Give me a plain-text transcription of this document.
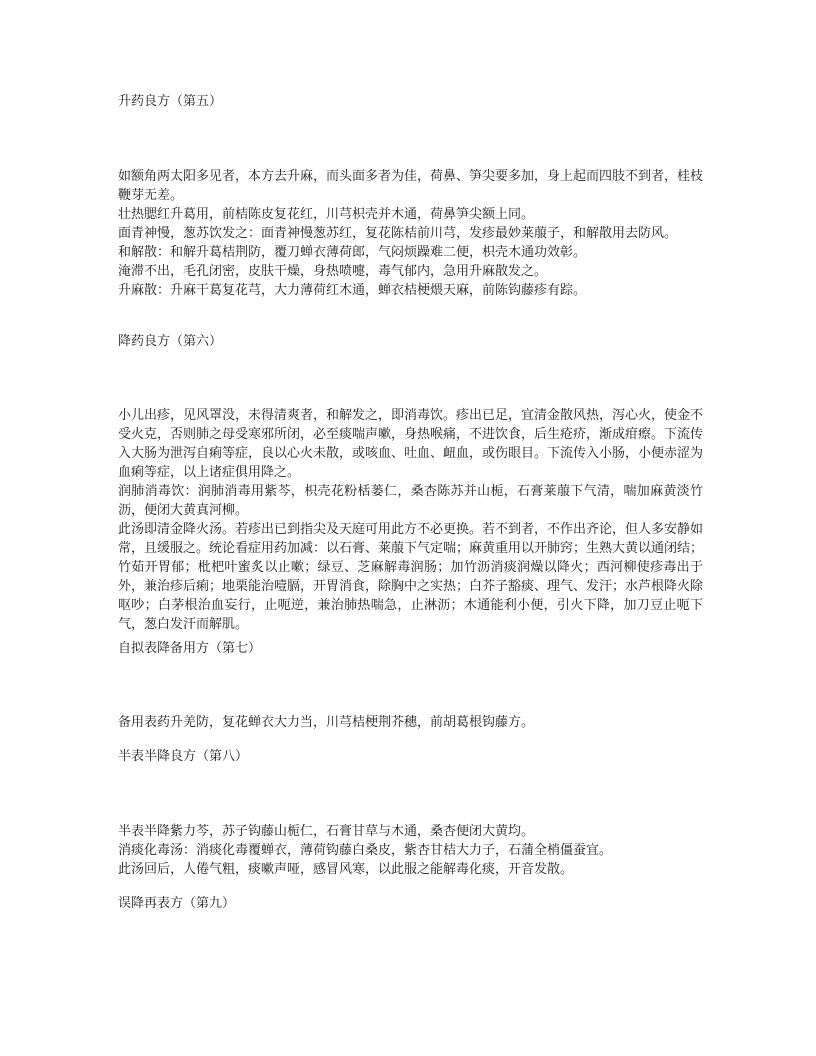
升药良方（第五）

如额角两太阳多见者，本方去升麻，而头面多者为佳，荷鼻、笋尖要多加，身上起而四肢不到者，桂枝鞭芽无差。

壮热腮红升葛用，前桔陈皮复花红，川芎枳壳并木通，荷鼻笋尖额上同。

面青神慢，葱苏饮发之：面青神慢葱苏红，复花陈桔前川芎，发疹最妙莱菔子，和解散用去防风。

和解散：和解升葛桔荆防，覆刀蝉衣薄荷郎，气闷烦躁难二便，枳壳木通功效彰。

淹滞不出，毛孔闭密，皮肤干燥，身热喷嚏，毒气郁内，急用升麻散发之。

升麻散：升麻干葛复花芎，大力薄荷红木通，蝉衣桔梗煨天麻，前陈钩藤疹有踪。

降药良方（第六）

小儿出疹，见风罩没，未得清爽者，和解发之，即消毒饮。疹出已足，宜清金散风热，泻心火，使金不受火克，否则肺之母受寒邪所闭，必至痰喘声嗽，身热喉痛，不进饮食，后生疮疥，渐成疳瘵。下流传入大肠为泄泻自痢等症，良以心火未散，或咳血、吐血、衄血，或伤眼目。下流传入小肠，小便赤涩为血痢等症，以上诸症俱用降之。

润肺消毒饮：润肺消毒用紫芩，枳壳花粉栝蒌仁，桑杏陈苏并山栀，石膏莱菔下气清，喘加麻黄淡竹沥，便闭大黄真河柳。

此汤即清金降火汤。若疹出已到指尖及天庭可用此方不必更换。若不到者，不作出齐论，但人多安静如常，且缓服之。统论看症用药加减：以石膏、莱菔下气定喘；麻黄重用以开肺窍；生熟大黄以通闭结；竹茹开胃郁；枇杷叶蜜炙以止嗽；绿豆、芝麻解毒润肠；加竹沥消痰润燥以降火；西河柳使疹毒出于外，兼治疹后痢；地栗能治噎膈，开胃消食，除胸中之实热；白芥子豁痰、理气、发汗；水芦根降火除呕吵；白茅根治血妄行，止呃逆，兼治肺热喘急，止淋沥；木通能利小便，引火下降，加刀豆止呃下气，葱白发汗而解肌。

自拟表降备用方（第七）

备用表药升羌防，复花蝉衣大力当，川芎桔梗荆芥穗，前胡葛根钩藤方。

半表半降良方（第八）

半表半降紫力芩，苏子钩藤山栀仁，石膏甘草与木通，桑杏便闭大黄均。

消痰化毒汤：消痰化毒覆蝉衣，薄荷钩藤白桑皮，紫杏甘桔大力子，石蒲全梢僵蚕宜。

此汤回后，人倦气粗，痰嗽声哑，感冒风寒，以此服之能解毒化痰，开音发散。

误降再表方（第九）
